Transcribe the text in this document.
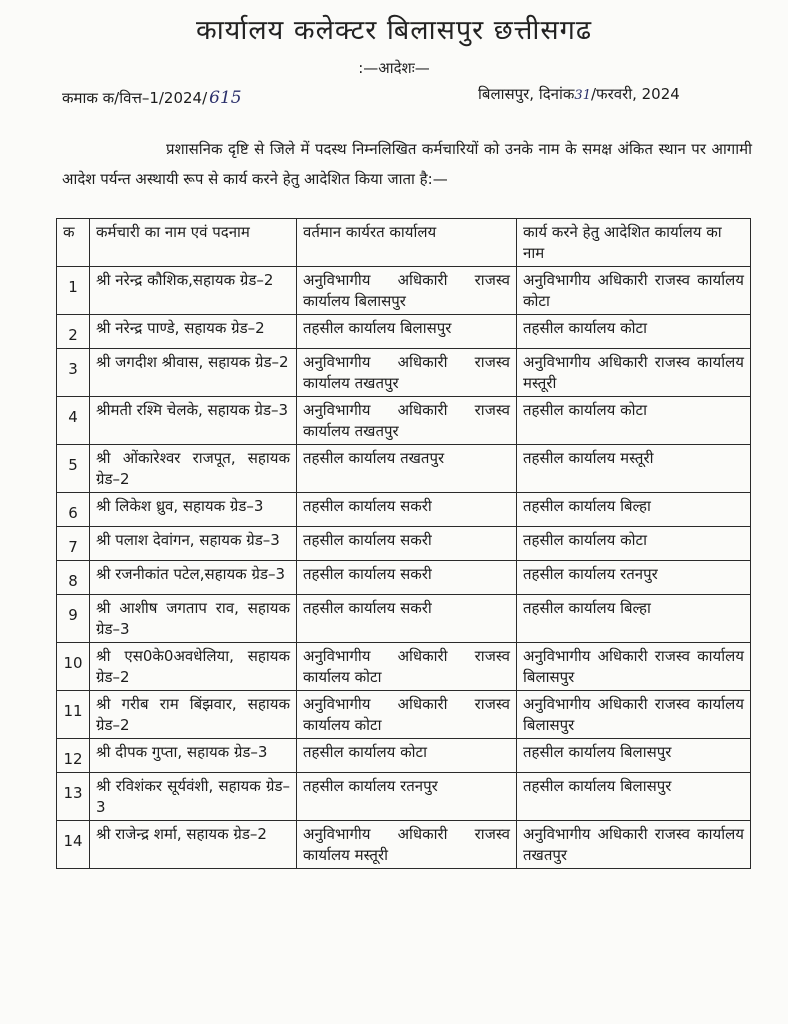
कार्यालय कलेक्टर बिलासपुर छत्तीसगढ
:—आदेशः—
कमाक क/वित्त–1/2024/ 615	बिलासपुर, दिनांक31/फरवरी, 2024
प्रशासनिक दृष्टि से जिले में पदस्थ निम्नलिखित कर्मचारियों को उनके नाम के समक्ष अंकित स्थान पर आगामी आदेश पर्यन्त अस्थायी रूप से कार्य करने हेतु आदेशित किया जाता है:—
क	कर्मचारी का नाम एवं पदनाम	वर्तमान कार्यरत कार्यालय	कार्य करने हेतु आदेशित कार्यालय का नाम
1	श्री नरेन्द्र कौशिक,सहायक ग्रेड–2	अनुविभागीय अधिकारी राजस्व कार्यालय बिलासपुर	अनुविभागीय अधिकारी राजस्व कार्यालय कोटा
2	श्री नरेन्द्र पाण्डे, सहायक ग्रेड–2	तहसील कार्यालय बिलासपुर	तहसील कार्यालय कोटा
3	श्री जगदीश श्रीवास, सहायक ग्रेड–2	अनुविभागीय अधिकारी राजस्व कार्यालय तखतपुर	अनुविभागीय अधिकारी राजस्व कार्यालय मस्तूरी
4	श्रीमती रश्मि चेलके, सहायक ग्रेड–3	अनुविभागीय अधिकारी राजस्व कार्यालय तखतपुर	तहसील कार्यालय कोटा
5	श्री ओंकारेश्वर राजपूत, सहायक ग्रेड–2	तहसील कार्यालय तखतपुर	तहसील कार्यालय मस्तूरी
6	श्री लिकेश ध्रुव, सहायक ग्रेड–3	तहसील कार्यालय सकरी	तहसील कार्यालय बिल्हा
7	श्री पलाश देवांगन, सहायक ग्रेड–3	तहसील कार्यालय सकरी	तहसील कार्यालय कोटा
8	श्री रजनीकांत पटेल,सहायक ग्रेड–3	तहसील कार्यालय सकरी	तहसील कार्यालय रतनपुर
9	श्री आशीष जगताप राव, सहायक ग्रेड–3	तहसील कार्यालय सकरी	तहसील कार्यालय बिल्हा
10	श्री एस0के0अवधेलिया, सहायक ग्रेड–2	अनुविभागीय अधिकारी राजस्व कार्यालय कोटा	अनुविभागीय अधिकारी राजस्व कार्यालय बिलासपुर
11	श्री गरीब राम बिंझवार, सहायक ग्रेड–2	अनुविभागीय अधिकारी राजस्व कार्यालय कोटा	अनुविभागीय अधिकारी राजस्व कार्यालय बिलासपुर
12	श्री दीपक गुप्ता, सहायक ग्रेड–3	तहसील कार्यालय कोटा	तहसील कार्यालय बिलासपुर
13	श्री रविशंकर सूर्यवंशी, सहायक ग्रेड–3	तहसील कार्यालय रतनपुर	तहसील कार्यालय बिलासपुर
14	श्री राजेन्द्र शर्मा, सहायक ग्रेड–2	अनुविभागीय अधिकारी राजस्व कार्यालय मस्तूरी	अनुविभागीय अधिकारी राजस्व कार्यालय तखतपुर
